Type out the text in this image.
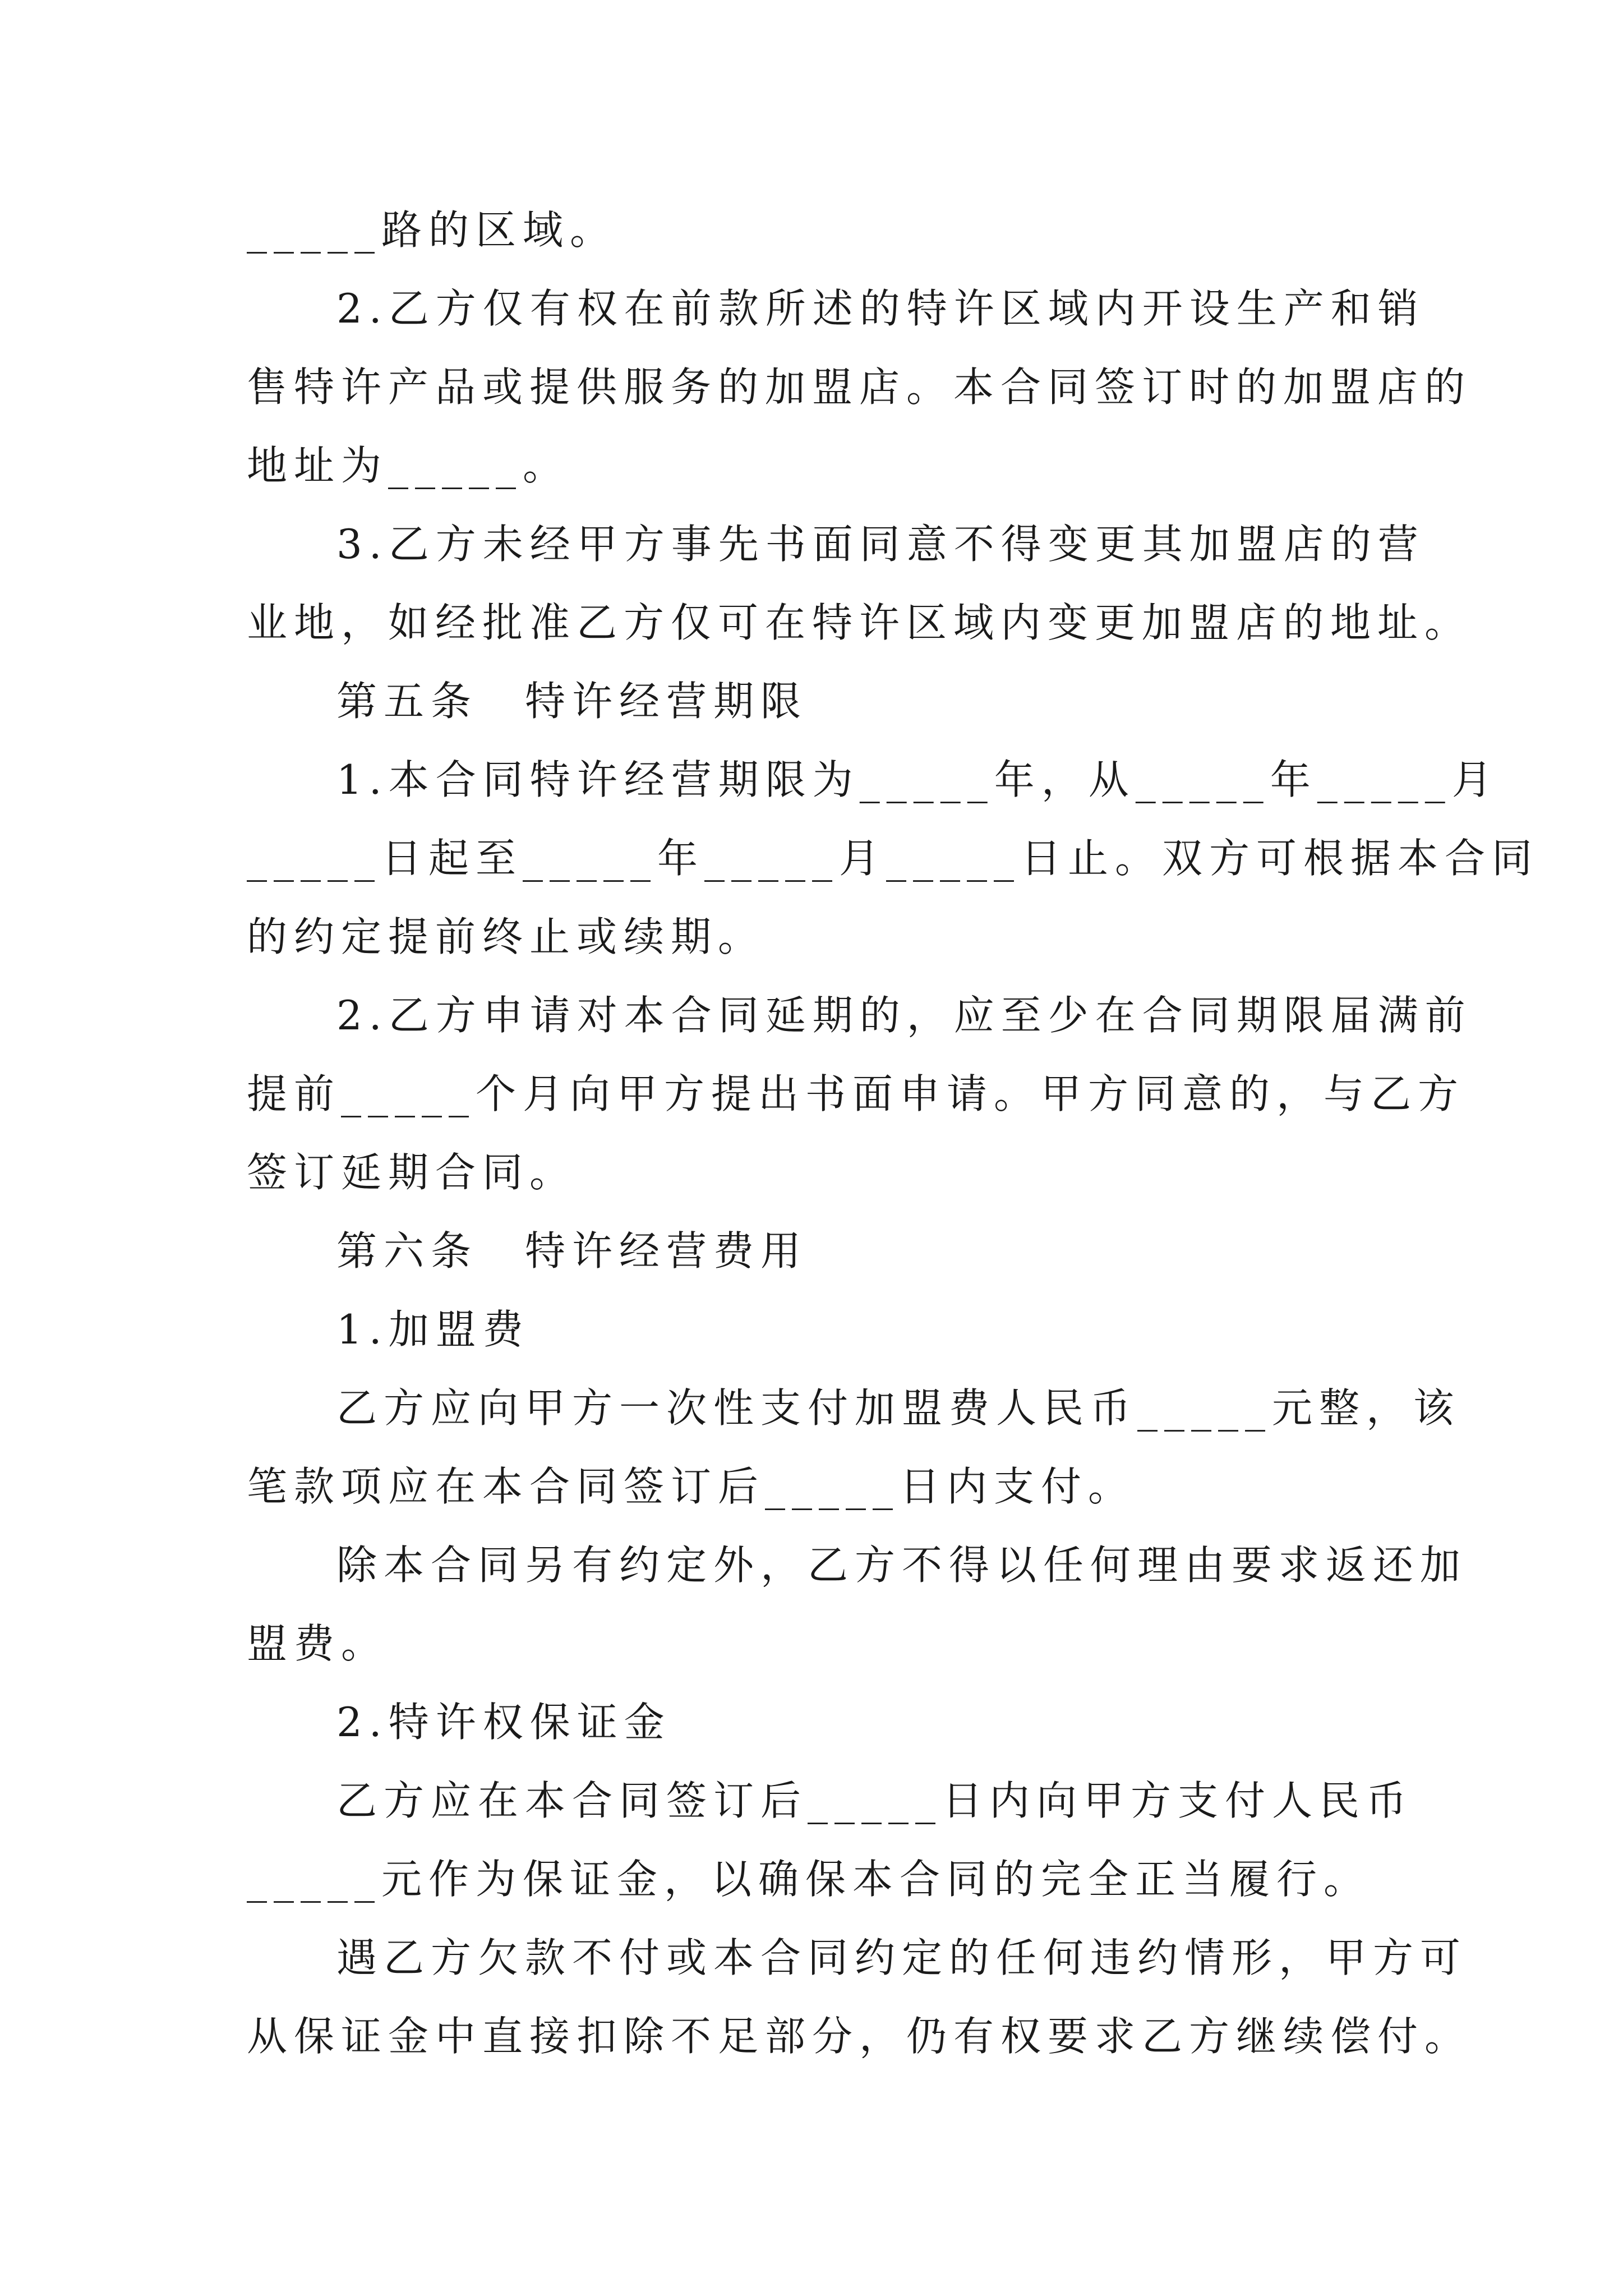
_____路的区域。
2.乙方仅有权在前款所述的特许区域内开设生产和销
售特许产品或提供服务的加盟店。本合同签订时的加盟店的
地址为_____。
3.乙方未经甲方事先书面同意不得变更其加盟店的营
业地，如经批准乙方仅可在特许区域内变更加盟店的地址。
第五条　特许经营期限
1.本合同特许经营期限为_____年，从_____年_____月
_____日起至_____年_____月_____日止。双方可根据本合同
的约定提前终止或续期。
2.乙方申请对本合同延期的，应至少在合同期限届满前
提前_____个月向甲方提出书面申请。甲方同意的，与乙方
签订延期合同。
第六条　特许经营费用
1.加盟费
乙方应向甲方一次性支付加盟费人民币_____元整，该
笔款项应在本合同签订后_____日内支付。
除本合同另有约定外，乙方不得以任何理由要求返还加
盟费。
2.特许权保证金
乙方应在本合同签订后_____日内向甲方支付人民币
_____元作为保证金，以确保本合同的完全正当履行。
遇乙方欠款不付或本合同约定的任何违约情形，甲方可
从保证金中直接扣除不足部分，仍有权要求乙方继续偿付。
